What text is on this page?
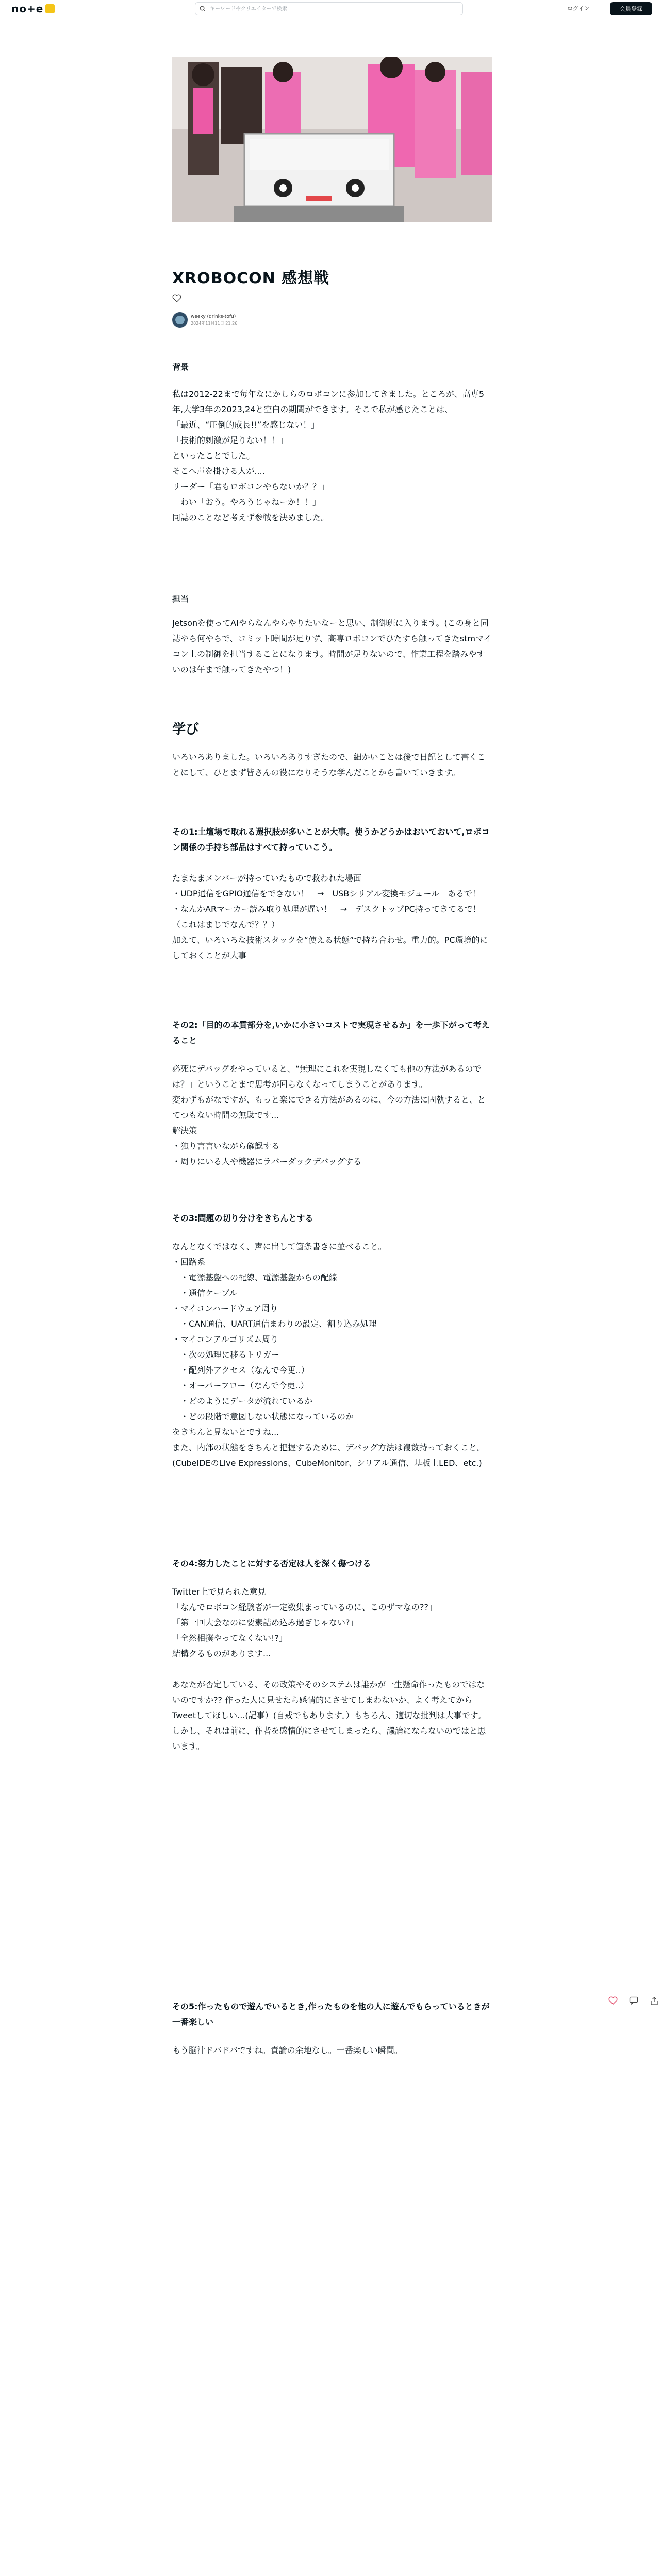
no+e
キーワードやクリエイターで検索	ログイン	会員登録
XROBOCON 感想戦
weeky (drinks-tofu)
2024年11月11日 21:26
背景
私は2012-22まで毎年なにかしらのロボコンに参加してきました。ところが、高専5年,大学3年の2023,24と空白の期間ができます。そこで私が感じたことは、
「最近、“圧倒的成長!!”を感じない！」
「技術的刺激が足りない！！」
といったことでした。
そこへ声を掛ける人が....
リーダー「君もロボコンやらないか？？」
　わい「おう。やろうじゃねーか！！」
同誌のことなど考えず参戦を決めました。
担当
Jetsonを使ってAIやらなんやらやりたいなーと思い、制御班に入ります。(この身と同誌やら何やらで、コミット時間が足りず、高専ロボコンでひたすら触ってきたstmマイコン上の制御を担当することになります。時間が足りないので、作業工程を踏みやすいのは午まで触ってきたやつ！)
学び
いろいろありました。いろいろありすぎたので、細かいことは後で日記として書くことにして、ひとまず皆さんの役になりそうな学んだことから書いていきます。
その1:土壇場で取れる選択肢が多いことが大事。使うかどうかはおいておいて,ロボコン関係の手持ち部品はすべて持っていこう。
たまたまメンバーが持っていたもので救われた場面
・UDP通信をGPIO通信をできない！　→　USBシリアル変換モジュール　あるで！
・なんかARマーカー読み取り処理が遅い！　→　デスクトップPC持ってきてるで！（これはまじでなんで？？）
加えて、いろいろな技術スタックを“使える状態”で持ち合わせ。重力的。PC環境的にしておくことが大事
その2:「目的の本質部分を,いかに小さいコストで実現させるか」を一歩下がって考えること
必死にデバッグをやっていると、“無理にこれを実現しなくても他の方法があるのでは？」ということまで思考が回らなくなってしまうことがあります。
変わずもがなですが、もっと楽にできる方法があるのに、今の方法に固執すると、とてつもない時間の無駄です...
解決策
・独り言言いながら確認する
・周りにいる人や機器にラバーダックデバッグする
その3:問題の切り分けをきちんとする
なんとなくではなく、声に出して箇条書きに並べること。
・回路系
　・電源基盤への配線、電源基盤からの配線
　・通信ケーブル
・マイコンハードウェア周り
　・CAN通信、UART通信まわりの設定、割り込み処理
・マイコンアルゴリズム周り
　・次の処理に移るトリガー
　・配列外アクセス（なんで今更..）
　・オーバーフロー（なんで今更..）
　・どのようにデータが流れているか
　・どの段階で意図しない状態になっているのか
をきちんと見ないとですね...
また、内部の状態をきちんと把握するために、デバッグ方法は複数持っておくこと。(CubeIDEのLive Expressions、CubeMonitor、シリアル通信、基板上LED、etc.)
その4:努力したことに対する否定は人を深く傷つける
Twitter上で見られた意見
「なんでロボコン経験者が一定数集まっているのに、このザマなの??」
「第一回大会なのに要素詰め込み過ぎじゃない?」
「全然相撲やってなくない!?」
結構クるものがあります...

あなたが否定している、その政策やそのシステムは誰かが一生懸命作ったものではないのですか?? 作った人に見せたら感情的にさせてしまわないか、よく考えてからTweetしてほしい...(記事）(自戒でもあります。）もちろん、適切な批判は大事です。しかし、それは前に、作者を感情的にさせてしまったら、議論にならないのではと思います。
その5:作ったもので遊んでいるとき,作ったものを他の人に遊んでもらっているときが一番楽しい
もう脳汁ドバドバですね。責論の余地なし。一番楽しい瞬間。
